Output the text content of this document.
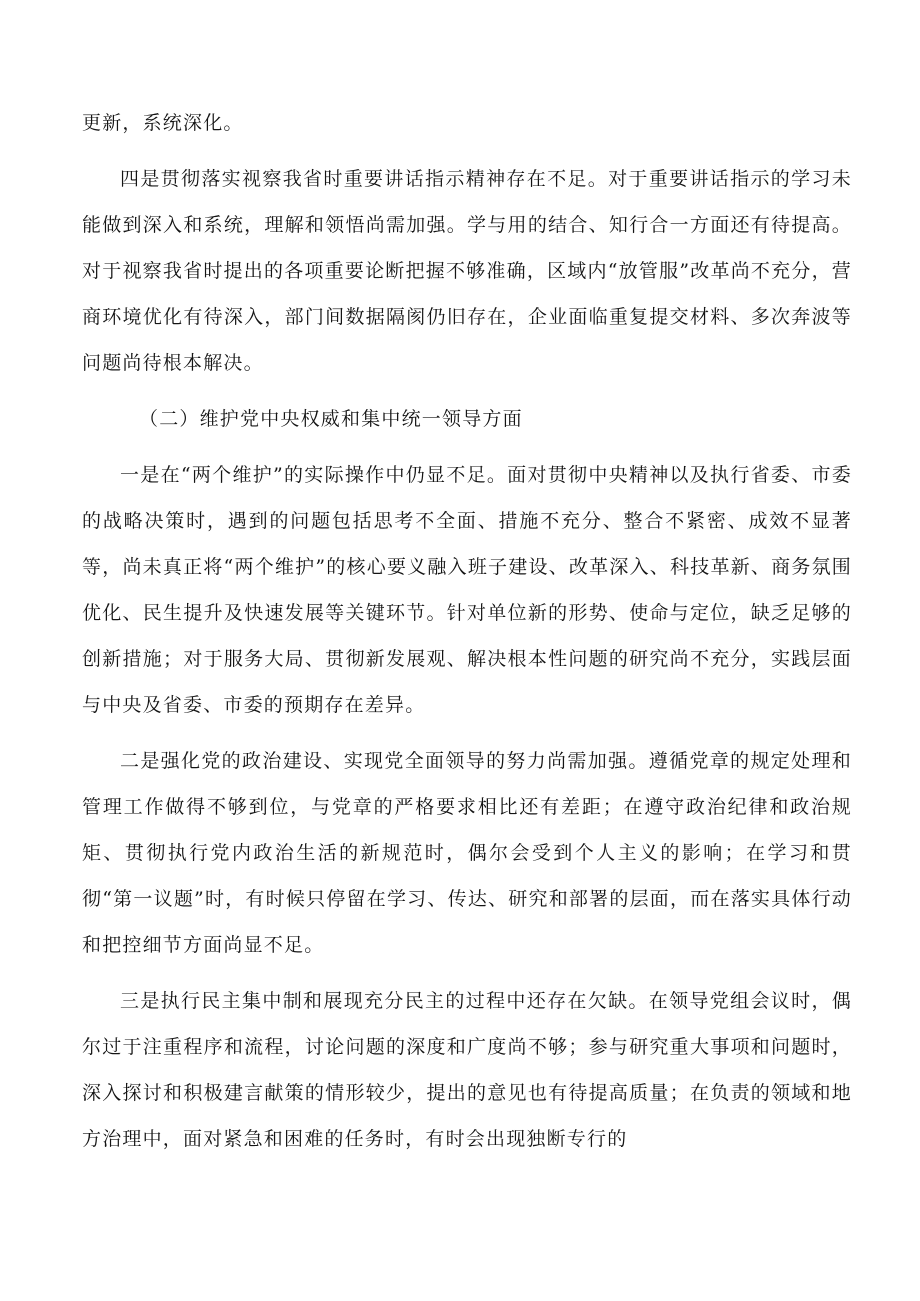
更新，系统深化。

四是贯彻落实视察我省时重要讲话指示精神存在不足。对于重要讲话指示的学习未能做到深入和系统，理解和领悟尚需加强。学与用的结合、知行合一方面还有待提高。对于视察我省时提出的各项重要论断把握不够准确，区域内“放管服”改革尚不充分，营商环境优化有待深入，部门间数据隔阂仍旧存在，企业面临重复提交材料、多次奔波等问题尚待根本解决。

（二）维护党中央权威和集中统一领导方面

一是在“两个维护”的实际操作中仍显不足。面对贯彻中央精神以及执行省委、市委的战略决策时，遇到的问题包括思考不全面、措施不充分、整合不紧密、成效不显著等，尚未真正将“两个维护”的核心要义融入班子建设、改革深入、科技革新、商务氛围优化、民生提升及快速发展等关键环节。针对单位新的形势、使命与定位，缺乏足够的创新措施；对于服务大局、贯彻新发展观、解决根本性问题的研究尚不充分，实践层面与中央及省委、市委的预期存在差异。

二是强化党的政治建设、实现党全面领导的努力尚需加强。遵循党章的规定处理和管理工作做得不够到位，与党章的严格要求相比还有差距；在遵守政治纪律和政治规矩、贯彻执行党内政治生活的新规范时，偶尔会受到个人主义的影响；在学习和贯彻“第一议题”时，有时候只停留在学习、传达、研究和部署的层面，而在落实具体行动和把控细节方面尚显不足。

三是执行民主集中制和展现充分民主的过程中还存在欠缺。在领导党组会议时，偶尔过于注重程序和流程，讨论问题的深度和广度尚不够；参与研究重大事项和问题时，深入探讨和积极建言献策的情形较少，提出的意见也有待提高质量；在负责的领域和地方治理中，面对紧急和困难的任务时，有时会出现独断专行的
